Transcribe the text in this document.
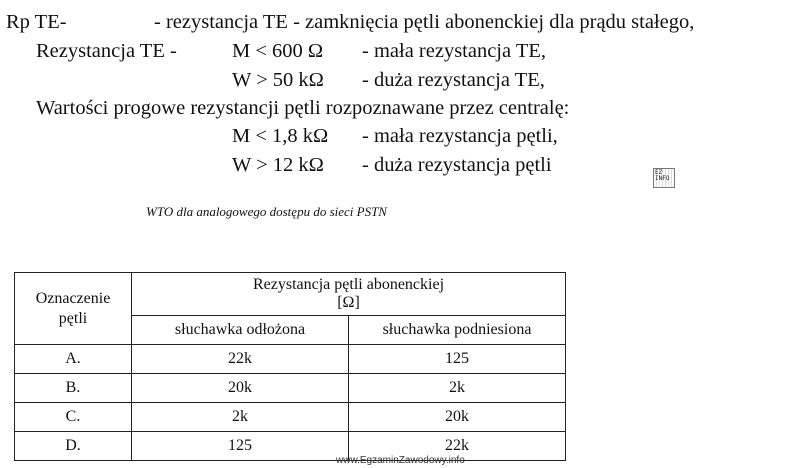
Rp TE-	- rezystancja TE - zamknięcia pętli abonenckiej dla prądu stałego,
Rezystancja TE -	M < 600 Ω - mała rezystancja TE,
W > 50 kΩ - duża rezystancja TE,
Wartości progowe rezystancji pętli rozpoznawane przez centralę:
M < 1,8 kΩ - mała rezystancja pętli,
W > 12 kΩ - duża rezystancja pętli	EZ INFO
WTO dla analogowego dostępu do sieci PSTN
Oznaczenie pętli	Rezystancja pętli abonenckiej
[Ω]	

	słuchawka odłożona	słuchawka podniesiona
A.	22k	125
B.	20k	2k
C.	2k	20k
D.	125	22k
www.EgzaminZawodowy.info
